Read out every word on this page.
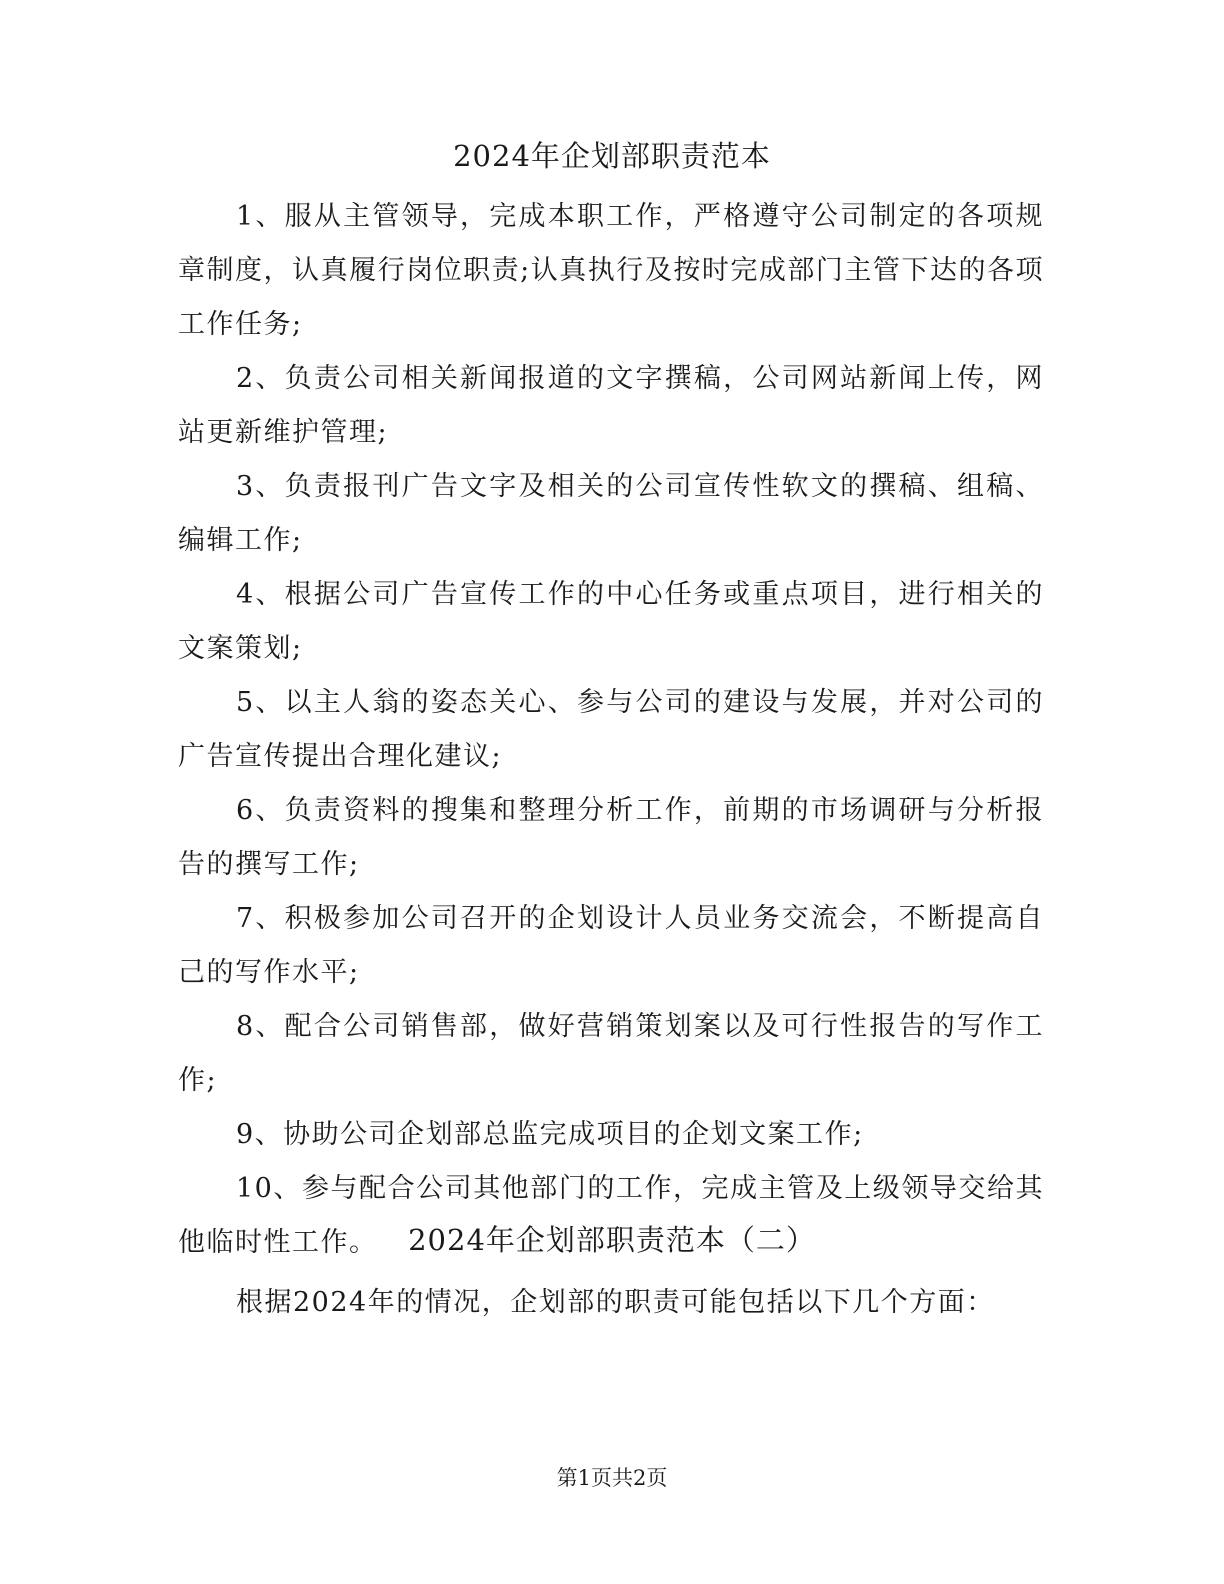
2024年企划部职责范本

1、服从主管领导，完成本职工作，严格遵守公司制定的各项规章制度，认真履行岗位职责;认真执行及按时完成部门主管下达的各项工作任务;

2、负责公司相关新闻报道的文字撰稿，公司网站新闻上传，网站更新维护管理;

3、负责报刊广告文字及相关的公司宣传性软文的撰稿、组稿、编辑工作;

4、根据公司广告宣传工作的中心任务或重点项目，进行相关的文案策划;

5、以主人翁的姿态关心、参与公司的建设与发展，并对公司的广告宣传提出合理化建议;

6、负责资料的搜集和整理分析工作，前期的市场调研与分析报告的撰写工作;

7、积极参加公司召开的企划设计人员业务交流会，不断提高自己的写作水平;

8、配合公司销售部，做好营销策划案以及可行性报告的写作工作;

9、协助公司企划部总监完成项目的企划文案工作;

10、参与配合公司其他部门的工作，完成主管及上级领导交给其他临时性工作。	2024年企划部职责范本（二）

根据2024年的情况，企划部的职责可能包括以下几个方面：

第1页共2页
